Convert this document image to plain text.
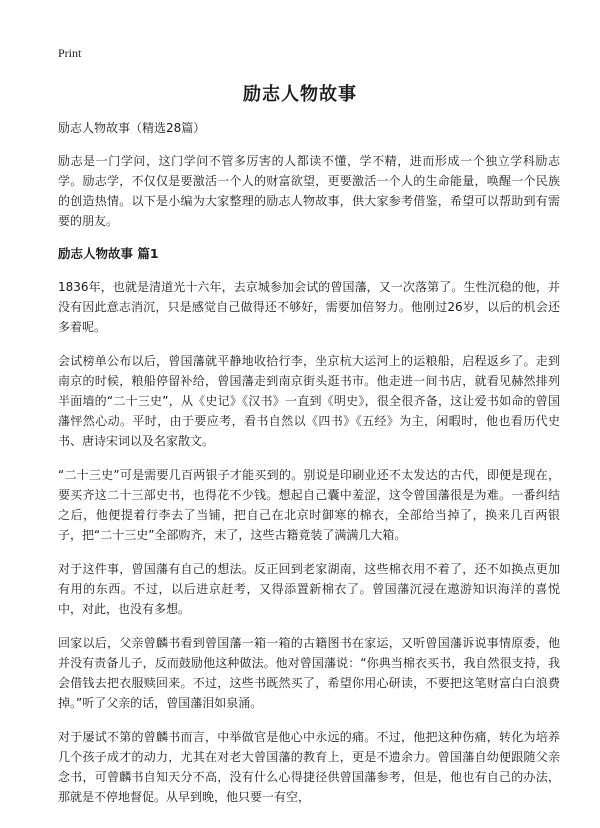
Print
励志人物故事
励志人物故事（精选28篇）

励志是一门学问，这门学问不管多厉害的人都读不懂，学不精，进而形成一个独立学科励志学。励志学，不仅仅是要激活一个人的财富欲望，更要激活一个人的生命能量，唤醒一个民族的创造热情。以下是小编为大家整理的励志人物故事，供大家参考借鉴，希望可以帮助到有需要的朋友。

励志人物故事 篇1

1836年，也就是清道光十六年，去京城参加会试的曾国藩，又一次落第了。生性沉稳的他，并没有因此意志消沉，只是感觉自己做得还不够好，需要加倍努力。他刚过26岁，以后的机会还多着呢。

会试榜单公布以后，曾国藩就平静地收拾行李，坐京杭大运河上的运粮船，启程返乡了。走到南京的时候，粮船停留补给，曾国藩走到南京街头逛书市。他走进一间书店，就看见赫然排列半面墙的“二十三史”，从《史记》《汉书》一直到《明史》，很全很齐备，这让爱书如命的曾国藩怦然心动。平时，由于要应考，看书自然以《四书》《五经》为主，闲暇时，他也看历代史书、唐诗宋词以及名家散文。

“二十三史”可是需要几百两银子才能买到的。别说是印刷业还不太发达的古代，即便是现在，要买齐这二十三部史书，也得花不少钱。想起自己囊中羞涩，这令曾国藩很是为难。一番纠结之后，他便提着行李去了当铺，把自己在北京时御寒的棉衣，全部给当掉了，换来几百两银子，把“二十三史”全部购齐，末了，这些古籍竟装了满满几大箱。

对于这件事，曾国藩有自己的想法。反正回到老家湖南，这些棉衣用不着了，还不如换点更加有用的东西。不过，以后进京赶考，又得添置新棉衣了。曾国藩沉浸在遨游知识海洋的喜悦中，对此，也没有多想。

回家以后，父亲曾麟书看到曾国藩一箱一箱的古籍图书在家运，又听曾国藩诉说事情原委，他并没有责备儿子，反而鼓励他这种做法。他对曾国藩说：“你典当棉衣买书，我自然很支持，我会借钱去把衣服赎回来。不过，这些书既然买了，希望你用心研读，不要把这笔财富白白浪费掉。”听了父亲的话，曾国藩泪如泉涌。

对于屡试不第的曾麟书而言，中举做官是他心中永远的痛。不过，他把这种伤痛，转化为培养几个孩子成才的动力，尤其在对老大曾国藩的教育上，更是不遗余力。曾国藩自幼便跟随父亲念书，可曾麟书自知天分不高，没有什么心得捷径供曾国藩参考，但是，他也有自己的办法，那就是不停地督促。从早到晚，他只要一有空，
